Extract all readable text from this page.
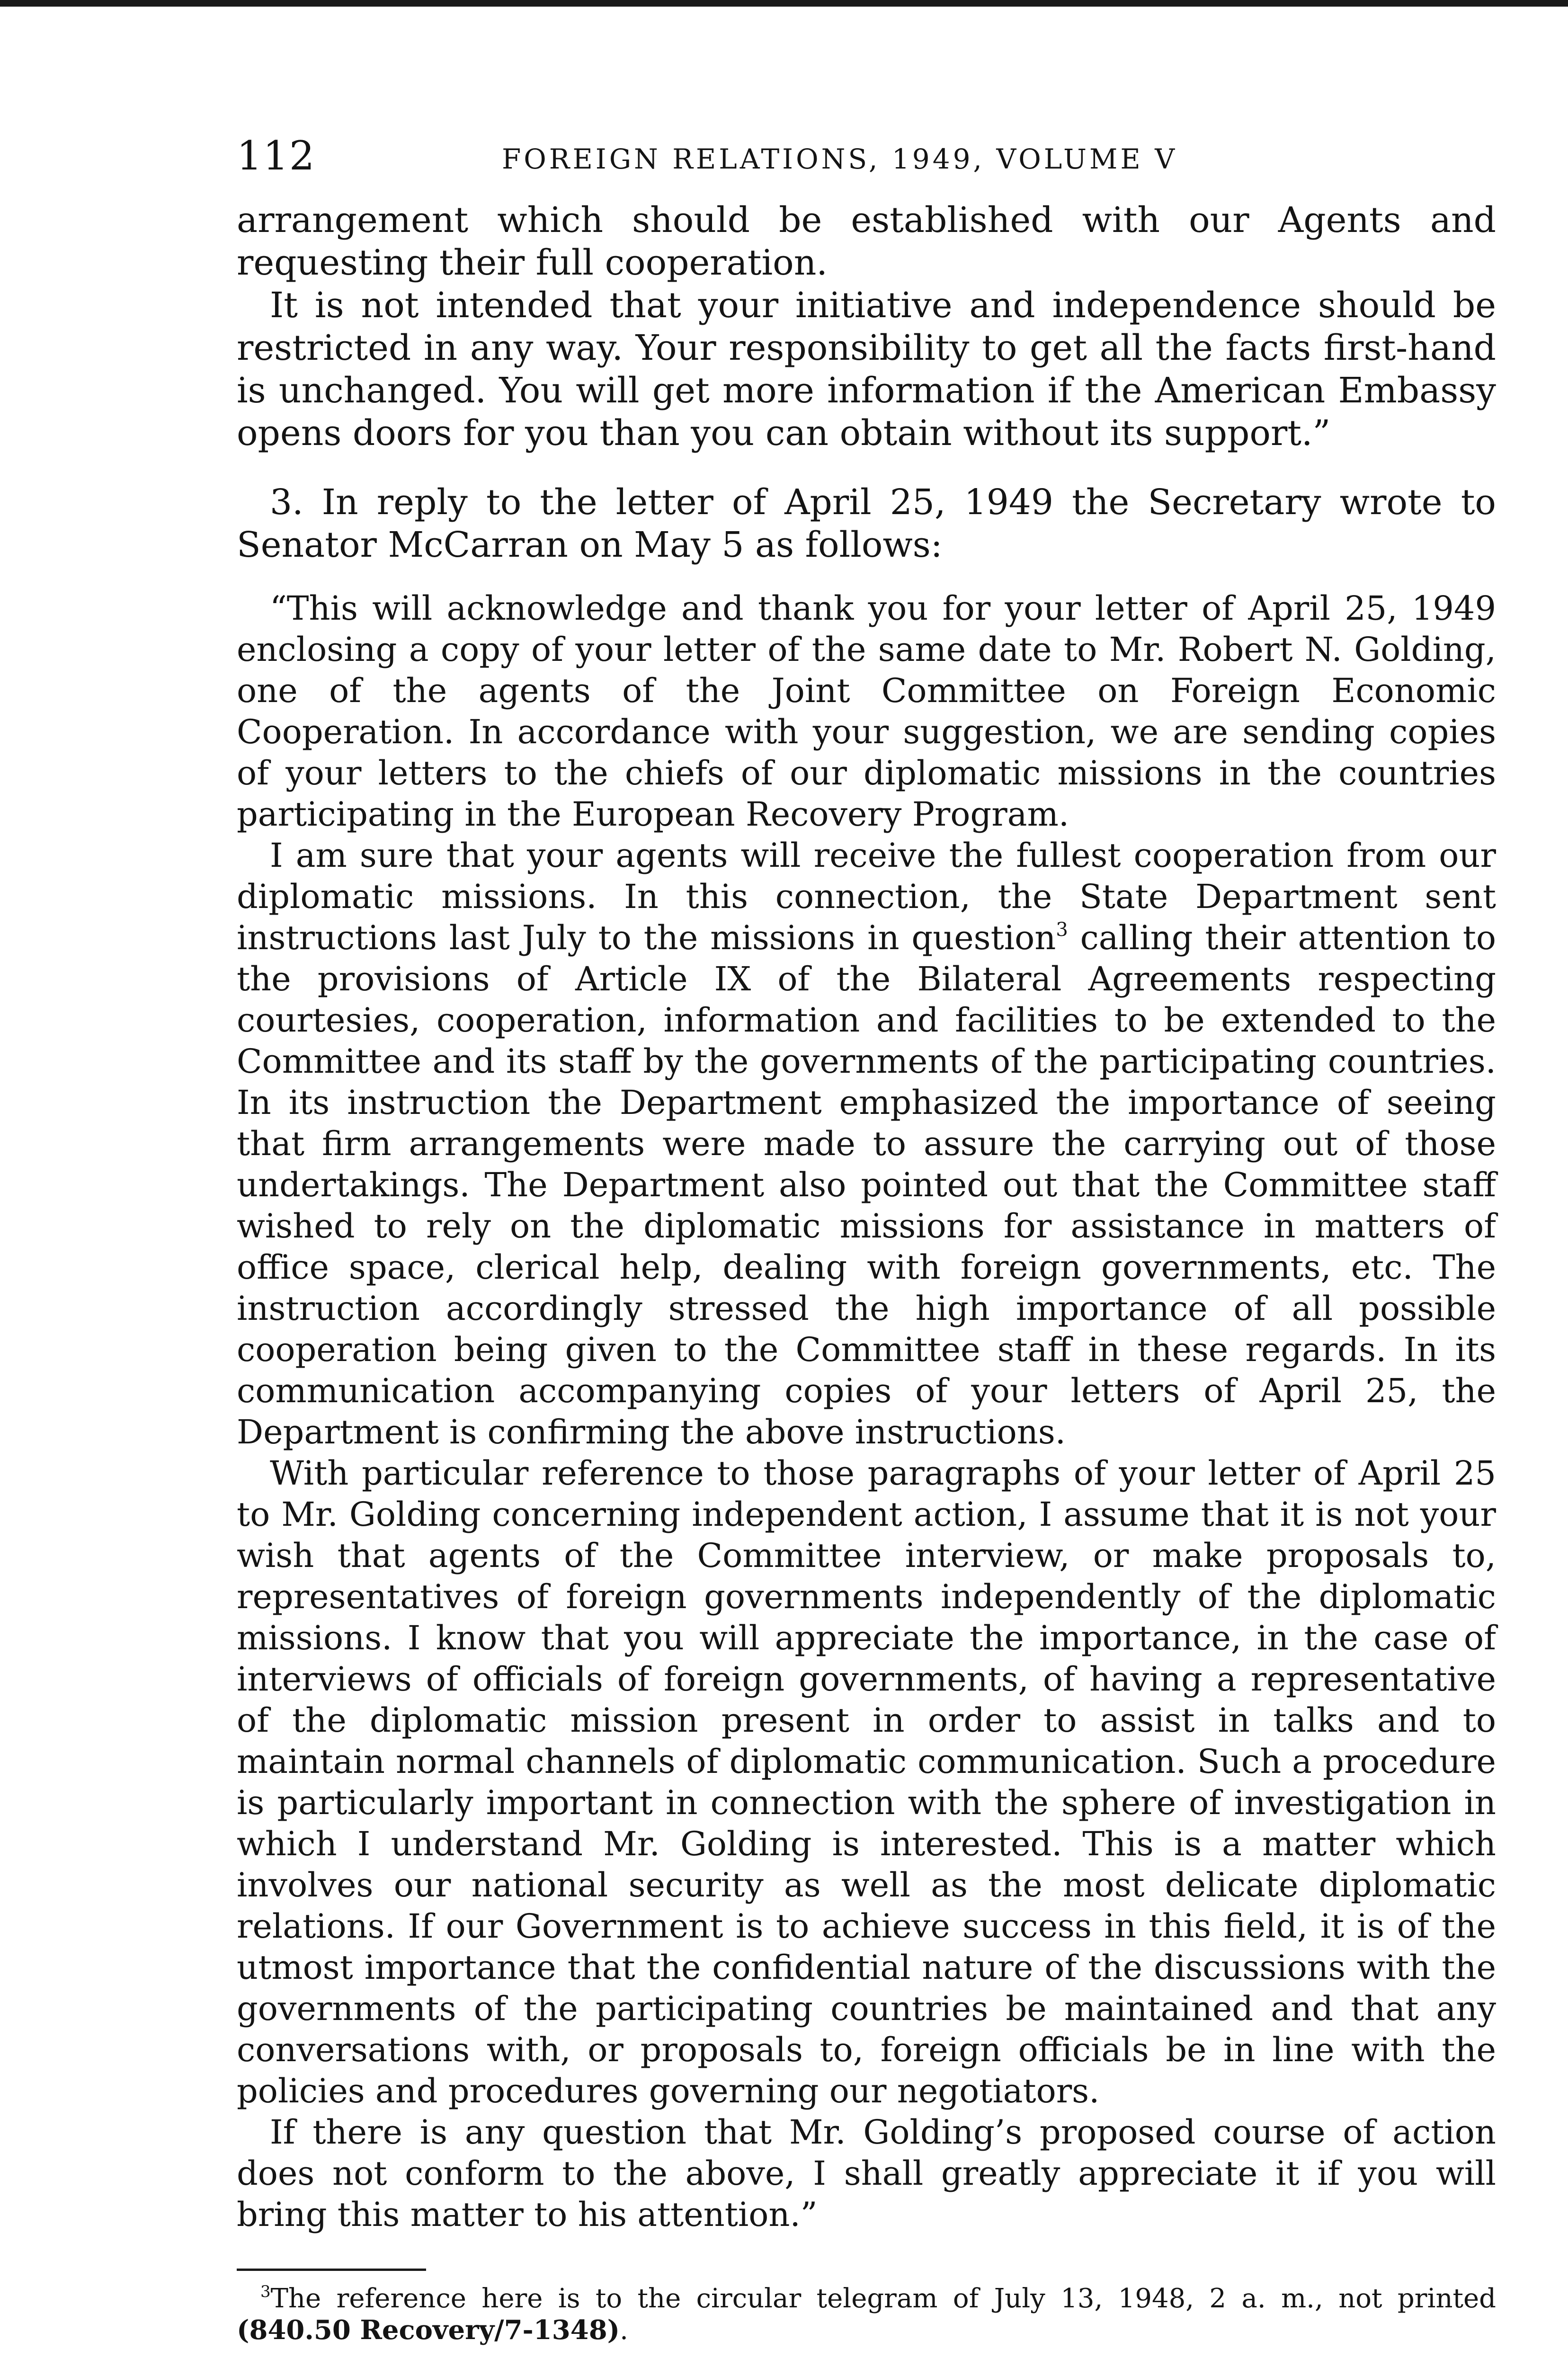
112	FOREIGN RELATIONS, 1949, VOLUME V

arrangement which should be established with our Agents and requesting their full cooperation.

It is not intended that your initiative and independence should be restricted in any way. Your responsibility to get all the facts first-hand is unchanged. You will get more information if the American Embassy opens doors for you than you can obtain without its support.”

3. In reply to the letter of April 25, 1949 the Secretary wrote to Senator McCarran on May 5 as follows:

“This will acknowledge and thank you for your letter of April 25, 1949 enclosing a copy of your letter of the same date to Mr. Robert N. Golding, one of the agents of the Joint Committee on Foreign Economic Cooperation. In accordance with your suggestion, we are sending copies of your letters to the chiefs of our diplomatic missions in the countries participating in the European Recovery Program.

I am sure that your agents will receive the fullest cooperation from our diplomatic missions. In this connection, the State Department sent instructions last July to the missions in question$^3$ calling their attention to the provisions of Article IX of the Bilateral Agreements respecting courtesies, cooperation, information and facilities to be extended to the Committee and its staff by the governments of the participating countries. In its instruction the Department emphasized the importance of seeing that firm arrangements were made to assure the carrying out of those undertakings. The Department also pointed out that the Committee staff wished to rely on the diplomatic missions for assistance in matters of office space, clerical help, dealing with foreign governments, etc. The instruction accordingly stressed the high importance of all possible cooperation being given to the Committee staff in these regards. In its communication accompanying copies of your letters of April 25, the Department is confirming the above instructions.

With particular reference to those paragraphs of your letter of April 25 to Mr. Golding concerning independent action, I assume that it is not your wish that agents of the Committee interview, or make proposals to, representatives of foreign governments independently of the diplomatic missions. I know that you will appreciate the importance, in the case of interviews of officials of foreign governments, of having a representative of the diplomatic mission present in order to assist in talks and to maintain normal channels of diplomatic communication. Such a procedure is particularly important in connection with the sphere of investigation in which I understand Mr. Golding is interested. This is a matter which involves our national security as well as the most delicate diplomatic relations. If our Government is to achieve success in this field, it is of the utmost importance that the confidential nature of the discussions with the governments of the participating countries be maintained and that any conversations with, or proposals to, foreign officials be in line with the policies and procedures governing our negotiators.

If there is any question that Mr. Golding’s proposed course of action does not conform to the above, I shall greatly appreciate it if you will bring this matter to his attention.”

$^3$The reference here is to the circular telegram of July 13, 1948, 2 a. m., not printed (840.50 Recovery/7-1348).
